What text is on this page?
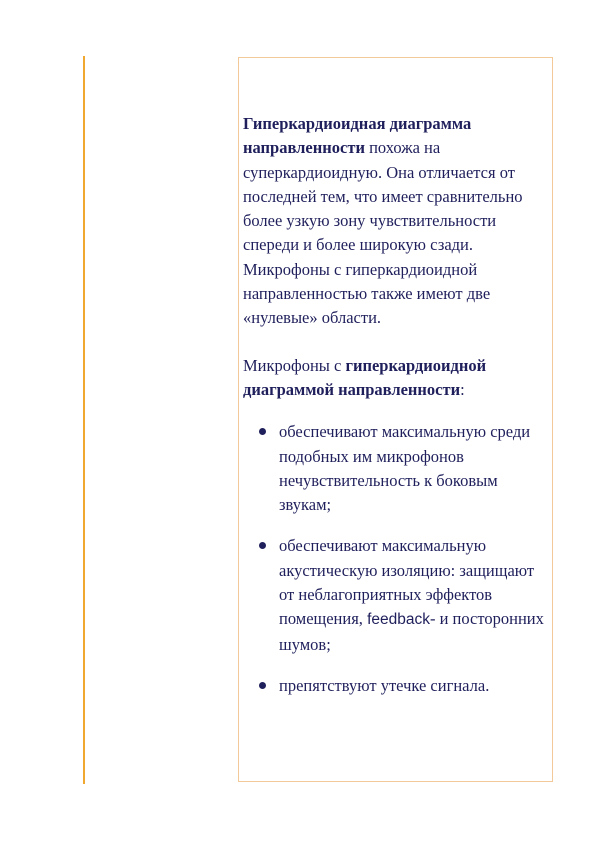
Гиперкардиоидная диаграмма направленности похожа на суперкардиоидную. Она отличается от последней тем, что имеет сравнительно более узкую зону чувствительности спереди и более широкую сзади. Микрофоны с гиперкардиоидной направленностью также имеют две «нулевые» области.

Микрофоны с гиперкардиоидной диаграммой направленности:

обеспечивают максимальную среди подобных им микрофонов нечувствительность к боковым звукам;
обеспечивают максимальную акустическую изоляцию: защищают от неблагоприятных эффектов помещения, feedback- и посторонних шумов;
препятствуют утечке сигнала.
